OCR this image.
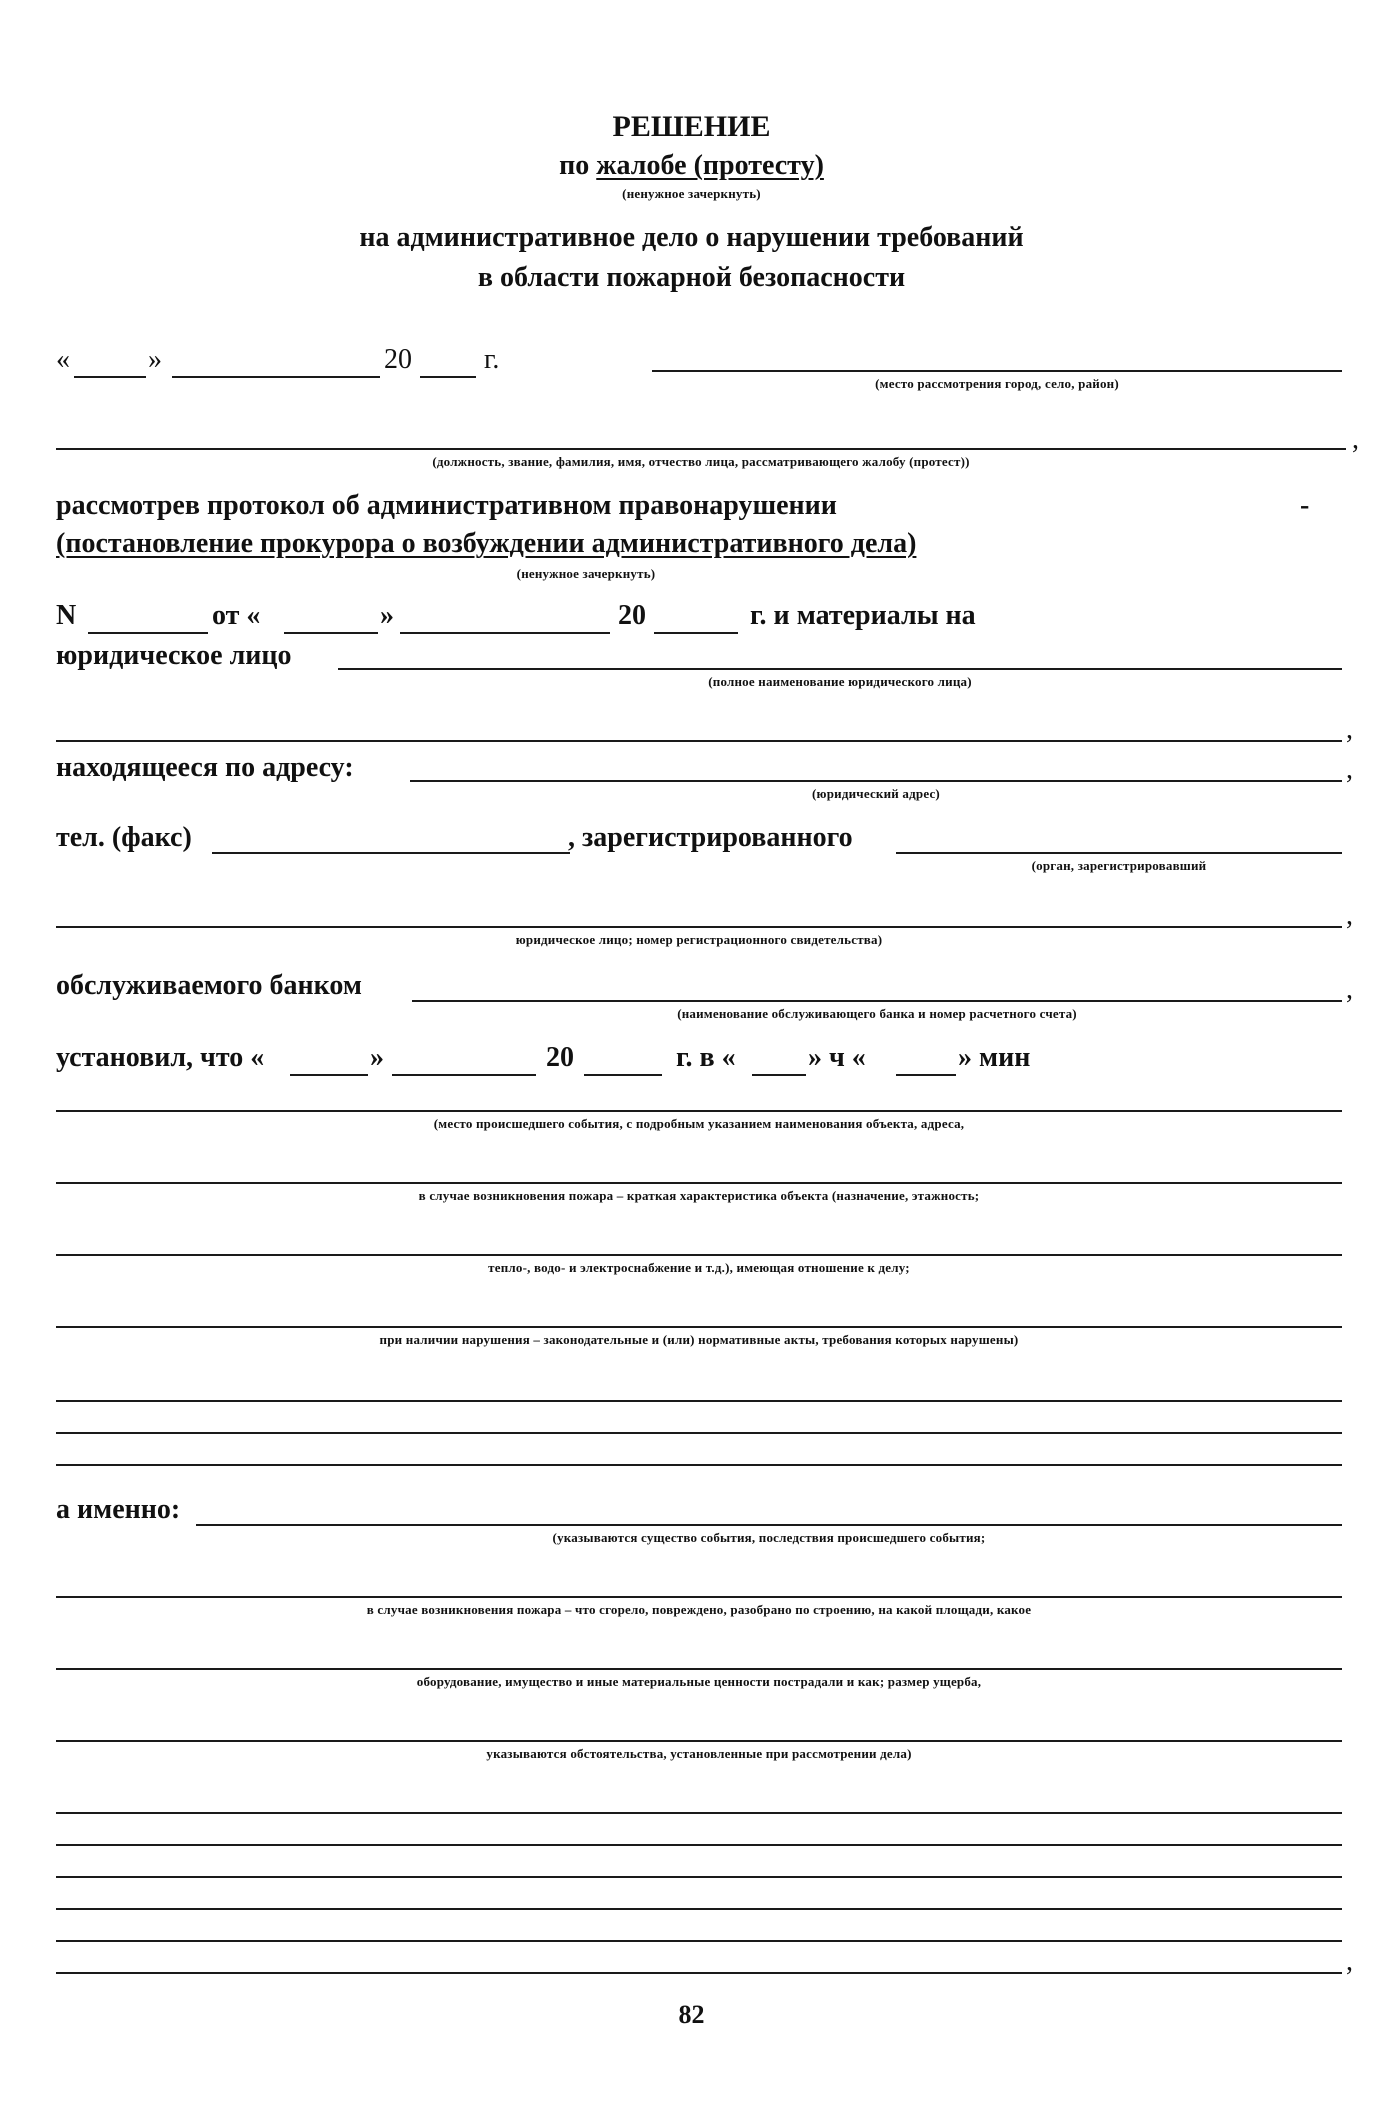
РЕШЕНИЕ
по жалобе (протесту)
(ненужное зачеркнуть)
на административное дело о нарушении требований
в области пожарной безопасности
«	»	20	г.
(место рассмотрения город, село, район)
,
(должность, звание, фамилия, имя, отчество лица, рассматривающего жалобу (протест))
рассмотрев протокол об административном правонарушении	-
(постановление прокурора о возбуждении административного дела)
(ненужное зачеркнуть)
N	от «	»	20	г. и материалы на
юридическое лицо
(полное наименование юридического лица)
,
находящееся по адресу:	,
(юридический адрес)
тел. (факс)	, зарегистрированного
(орган, зарегистрировавший
,
юридическое лицо; номер регистрационного свидетельства)
обслуживаемого банком	,
(наименование обслуживающего банка и номер расчетного счета)
установил, что «	»	20	г. в «	» ч «	» мин
(место происшедшего события, с подробным указанием наименования объекта, адреса,
в случае возникновения пожара – краткая характеристика объекта (назначение, этажность;
тепло-, водо- и электроснабжение и т.д.), имеющая отношение к делу;
при наличии нарушения – законодательные и (или) нормативные акты, требования которых нарушены)
а именно:
(указываются существо события, последствия происшедшего события;
в случае возникновения пожара – что сгорело, повреждено, разобрано по строению, на какой площади, какое
оборудование, имущество и иные материальные ценности пострадали и как; размер ущерба,
указываются обстоятельства, установленные при рассмотрении дела)
,
82
